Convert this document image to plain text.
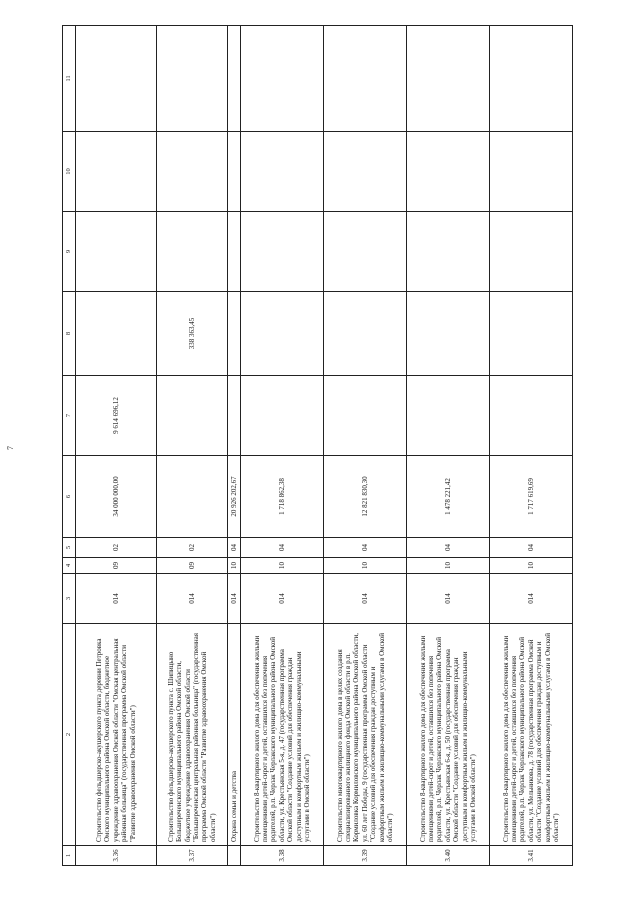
7
1	2	3	4	5	6	7	8	9	10	11
3.36	Строительство фельдшерско-акушерского пункта деревни Петровка Омского муниципального района Омской области, бюджетное учреждение здравоохранения Омской области "Омская центральная районная больница" (государственная программа Омской области "Развитие здравоохранения Омской области")	014	09	02	34 000 000,00	9 614 696,12				
3.37	Строительство фельдшерско-акушерского пункта с. Шипицыно Большереченского муниципального района Омской области, бюджетное учреждение здравоохранения Омской области "Большереченская центральная районная больница" (государственная программа Омской области "Развитие здравоохранения Омской области")	014	09	02			338 363,45			
	Охрана семьи и детства	014	10	04	20 926 202,67					
3.38	Строительство 8-квартирного жилого дома для обеспечения жилыми помещениями детей-сирот и детей, оставшихся без попечения родителей, р.п. Черлак Черлакского муниципального района Омской области, ул. Крестьянская 5-я, д. 47 (государственная программа Омской области "Создание условий для обеспечения граждан доступным и комфортным жильем и жилищно-коммунальными услугами в Омской области")	014	10	04	1 718 862,38					
3.39	Строительство многоквартирного жилого дома в целях создания специализированного жилищного фонда Омской области в р.п. Кормиловка Кормиловского муниципального района Омской области, ул. 60 лет Победы, 9 (государственная программа Омской области "Создание условий для обеспечения граждан доступным и комфортным жильем и жилищно-коммунальными услугами в Омской области")	014	10	04	12 821 830,30					
3.40	Строительство 8-квартирного жилого дома для обеспечения жилыми помещениями детей-сирот и детей, оставшихся без попечения родителей, р.п. Черлак Черлакского муниципального района Омской области, ул. Крестьянская 6-я, д. 50 (государственная программа Омской области "Создание условий для обеспечения граждан доступным и комфортным жильем и жилищно-коммунальными услугами в Омской области")	014	10	04	1 478 221,42					
3.41	Строительство 8-квартирного жилого дома для обеспечения жилыми помещениями детей-сирот и детей, оставшихся без попечения родителей, р.п. Черлак Черлакского муниципального района Омской области, ул. Мельникова, д. 78 (государственная программа Омской области "Создание условий для обеспечения граждан доступным и комфортным жильем и жилищно-коммунальными услугами в Омской области")	014	10	04	1 717 619,69					
